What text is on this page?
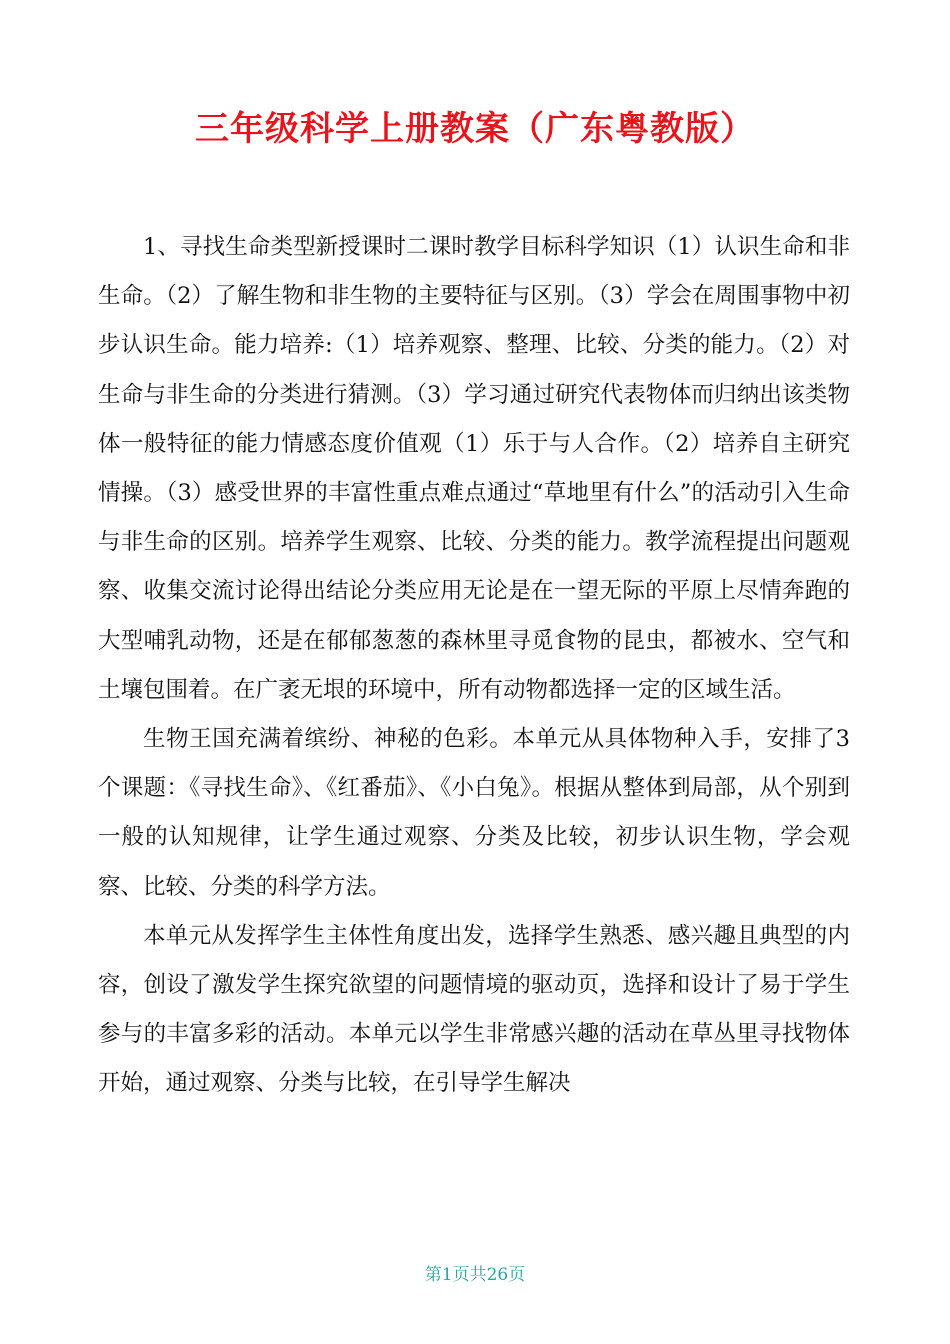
三年级科学上册教案（广东粤教版）

1、寻找生命类型新授课时二课时教学目标科学知识（1）认识生命和非生命。（2）了解生物和非生物的主要特征与区别。（3）学会在周围事物中初步认识生命。能力培养:（1）培养观察、整理、比较、分类的能力。（2）对生命与非生命的分类进行猜测。（3）学习通过研究代表物体而归纳出该类物体一般特征的能力情感态度价值观（1）乐于与人合作。（2）培养自主研究情操。（3）感受世界的丰富性重点难点通过“草地里有什么”的活动引入生命与非生命的区别。培养学生观察、比较、分类的能力。教学流程提出问题观察、收集交流讨论得出结论分类应用无论是在一望无际的平原上尽情奔跑的大型哺乳动物，还是在郁郁葱葱的森林里寻觅食物的昆虫，都被水、空气和土壤包围着。在广袤无垠的环境中，所有动物都选择一定的区域生活。

生物王国充满着缤纷、神秘的色彩。本单元从具体物种入手，安排了3个课题：《寻找生命》、《红番茄》、《小白兔》。根据从整体到局部，从个别到一般的认知规律，让学生通过观察、分类及比较，初步认识生物，学会观察、比较、分类的科学方法。

本单元从发挥学生主体性角度出发，选择学生熟悉、感兴趣且典型的内容，创设了激发学生探究欲望的问题情境的驱动页，选择和设计了易于学生参与的丰富多彩的活动。本单元以学生非常感兴趣的活动在草丛里寻找物体开始，通过观察、分类与比较，在引导学生解决

第1页共26页
